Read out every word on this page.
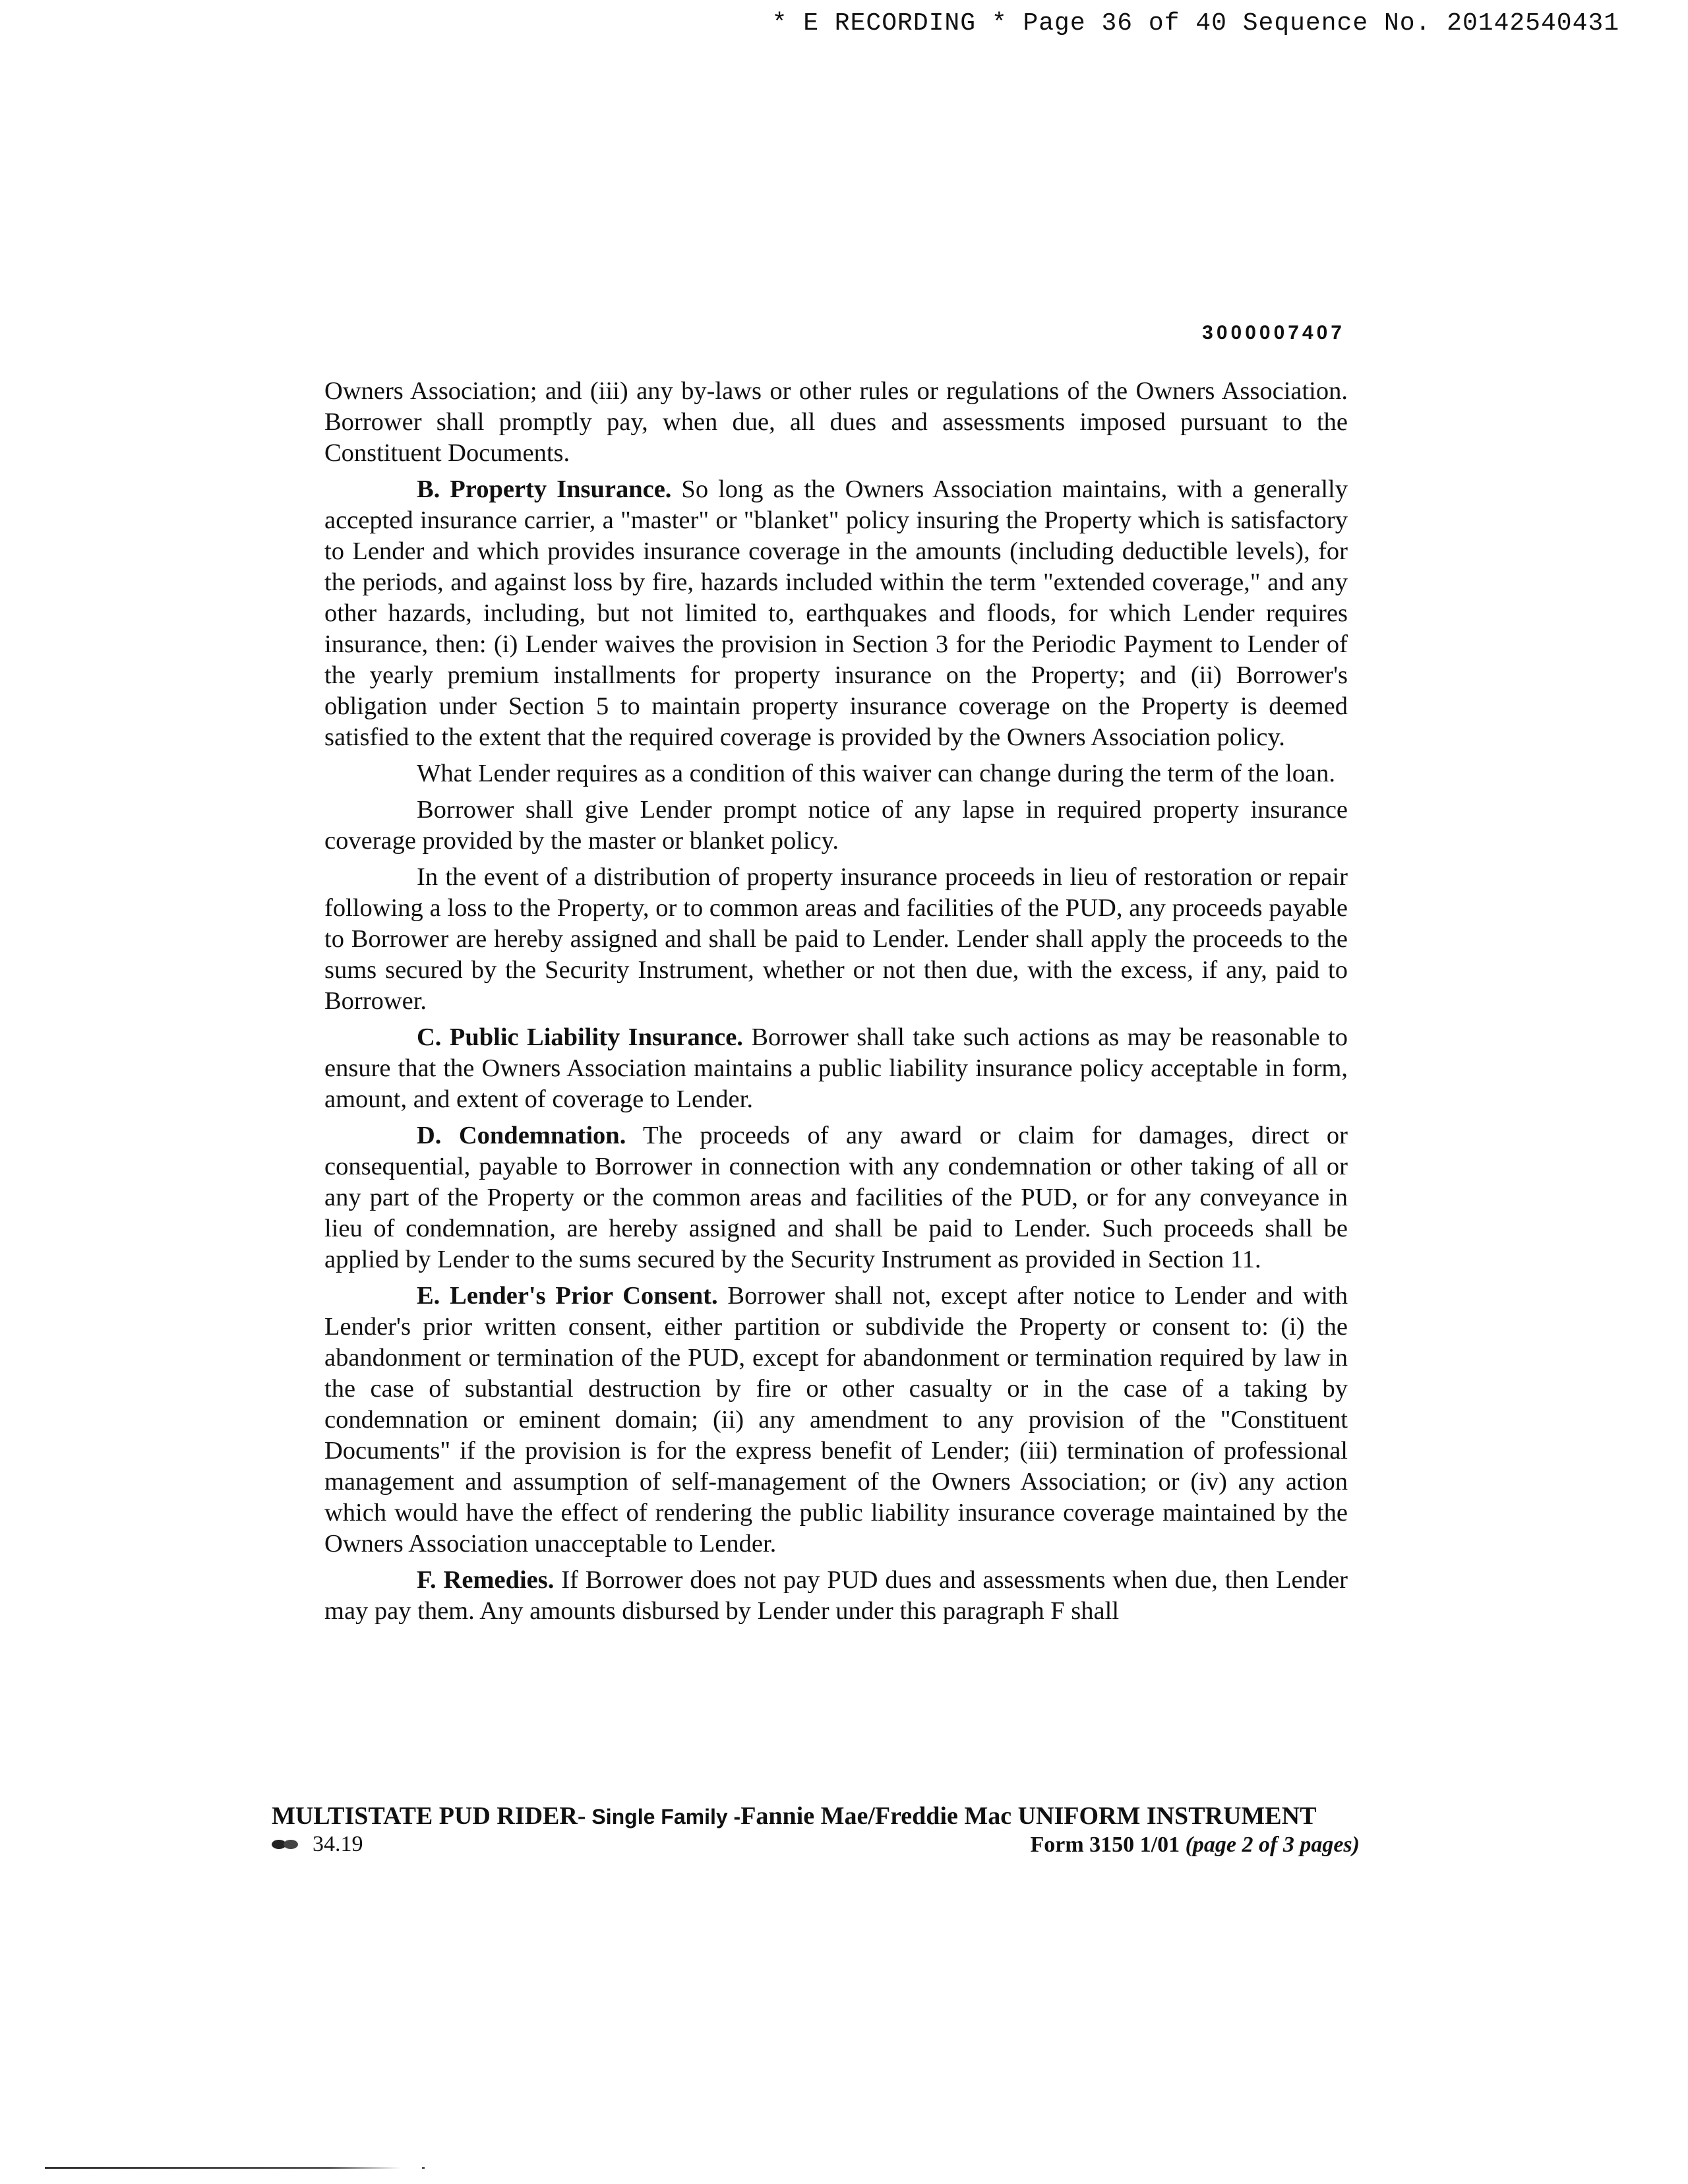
* E RECORDING * Page 36 of 40 Sequence No. 20142540431
3000007407

Owners Association; and (iii) any by-laws or other rules or regulations of the Owners Association. Borrower shall promptly pay, when due, all dues and assessments imposed pursuant to the Constituent Documents.

B. Property Insurance. So long as the Owners Association maintains, with a generally accepted insurance carrier, a "master" or "blanket" policy insuring the Property which is satisfactory to Lender and which provides insurance coverage in the amounts (including deductible levels), for the periods, and against loss by fire, hazards included within the term "extended coverage," and any other hazards, including, but not limited to, earthquakes and floods, for which Lender requires insurance, then: (i) Lender waives the provision in Section 3 for the Periodic Payment to Lender of the yearly premium installments for property insurance on the Property; and (ii) Borrower's obligation under Section 5 to maintain property insurance coverage on the Property is deemed satisfied to the extent that the required coverage is provided by the Owners Association policy.

What Lender requires as a condition of this waiver can change during the term of the loan.

Borrower shall give Lender prompt notice of any lapse in required property insurance coverage provided by the master or blanket policy.

In the event of a distribution of property insurance proceeds in lieu of restoration or repair following a loss to the Property, or to common areas and facilities of the PUD, any proceeds payable to Borrower are hereby assigned and shall be paid to Lender. Lender shall apply the proceeds to the sums secured by the Security Instrument, whether or not then due, with the excess, if any, paid to Borrower.

C. Public Liability Insurance. Borrower shall take such actions as may be reasonable to ensure that the Owners Association maintains a public liability insurance policy acceptable in form, amount, and extent of coverage to Lender.

D. Condemnation. The proceeds of any award or claim for damages, direct or consequential, payable to Borrower in connection with any condemnation or other taking of all or any part of the Property or the common areas and facilities of the PUD, or for any conveyance in lieu of condemnation, are hereby assigned and shall be paid to Lender. Such proceeds shall be applied by Lender to the sums secured by the Security Instrument as provided in Section 11.

E. Lender's Prior Consent. Borrower shall not, except after notice to Lender and with Lender's prior written consent, either partition or subdivide the Property or consent to: (i) the abandonment or termination of the PUD, except for abandonment or termination required by law in the case of substantial destruction by fire or other casualty or in the case of a taking by condemnation or eminent domain; (ii) any amendment to any provision of the "Constituent Documents" if the provision is for the express benefit of Lender; (iii) termination of professional management and assumption of self-management of the Owners Association; or (iv) any action which would have the effect of rendering the public liability insurance coverage maintained by the Owners Association unacceptable to Lender.

F. Remedies. If Borrower does not pay PUD dues and assessments when due, then Lender may pay them. Any amounts disbursed by Lender under this paragraph F shall

MULTISTATE PUD RIDER- Single Family -Fannie Mae/Freddie Mac UNIFORM INSTRUMENT
34.19	Form 3150 1/01 (page 2 of 3 pages)
